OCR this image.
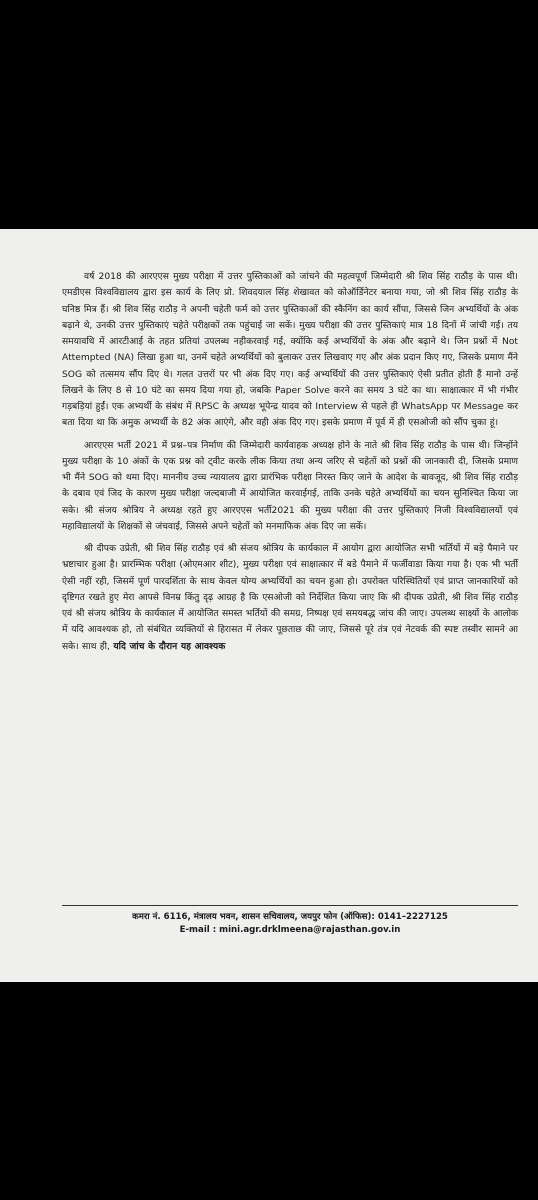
वर्ष 2018 की आरएएस मुख्य परीक्षा में उत्तर पुस्तिकाओं को जांचने की महत्वपूर्ण जिम्मेदारी श्री शिव सिंह राठौड़ के पास थी। एमडीएस विश्वविद्यालय द्वारा इस कार्य के लिए प्रो. शिवदयाल सिंह शेखावत को कोऑर्डिनेटर बनाया गया, जो श्री शिव सिंह राठौड़ के घनिष्ठ मित्र हैं। श्री शिव सिंह राठौड़ ने अपनी चहेती फर्म को उत्तर पुस्तिकाओं की स्कैनिंग का कार्य सौंपा, जिससे जिन अभ्यर्थियों के अंक बढ़ाने थे, उनकी उत्तर पुस्तिकाएं चहेते परीक्षकों तक पहुंचाई जा सकें। मुख्य परीक्षा की उत्तर पुस्तिकाएं मात्र 18 दिनों में जांची गई। तय समयावधि में आरटीआई के तहत प्रतियां उपलब्ध नहीकरवाई गई, क्योंकि कई अभ्यर्थियों के अंक और बढ़ाने थे। जिन प्रश्नों में Not Attempted (NA) लिखा हुआ था, उनमें चहेते अभ्यर्थियों को बुलाकर उत्तर लिखवाए गए और अंक प्रदान किए गए, जिसके प्रमाण मैंने SOG को तत्समय सौंप दिए थे। गलत उत्तरों पर भी अंक दिए गए। कई अभ्यर्थियों की उत्तर पुस्तिकाएं ऐसी प्रतीत होती हैं मानो उन्हें लिखने के लिए 8 से 10 घंटे का समय दिया गया हो, जबकि Paper Solve करने का समय 3 घंटे का था। साक्षात्कार में भी गंभीर गड़बड़ियां हुईं। एक अभ्यर्थी के संबंध में RPSC के अध्यक्ष भूपेन्द्र यादव को Interview से पहले ही WhatsApp पर Message कर बता दिया था कि अमुक अभ्यर्थी के 82 अंक आएंगे, और वही अंक दिए गए। इसके प्रमाण में पूर्व में ही एसओजी को सौंप चुका हूं।

आरएएस भर्ती 2021 में प्रश्न–पत्र निर्माण की जिम्मेदारी कार्यवाहक अध्यक्ष होने के नाते श्री शिव सिंह राठौड़ के पास थी। जिन्होंने मुख्य परीक्षा के 10 अंकों के एक प्रश्न को ट्वीट करके लीक किया तथा अन्य जरिए से चहेतों को प्रश्नों की जानकारी दी, जिसके प्रमाण भी मैंने SOG को थमा दिए। माननीय उच्च न्यायालय द्वारा प्रारंभिक परीक्षा निरस्त किए जाने के आदेश के बावजूद, श्री शिव सिंह राठौड़ के दबाव एवं जिद के कारण मुख्य परीक्षा जल्दबाजी में आयोजित करवाईगई, ताकि उनके चहेते अभ्यर्थियों का चयन सुनिश्चित किया जा सके। श्री संजय श्रोत्रिय ने अध्यक्ष रहते हुए आरएएस भर्ती2021 की मुख्य परीक्षा की उत्तर पुस्तिकाएं निजी विश्वविद्यालयों एवं महाविद्यालयों के शिक्षकों से जंचवाई, जिससे अपने चहेतों को मनमाफिक अंक दिए जा सकें।

श्री दीपक उप्रेती, श्री शिव सिंह राठौड़ एवं श्री संजय श्रोत्रिय के कार्यकाल में आयोग द्वारा आयोजित सभी भर्तियों में बड़े पैमाने पर भ्रष्टाचार हुआ है। प्रारम्भिक परीक्षा (ओएमआर शीट), मुख्य परीक्षा एवं साक्षात्कार में बडे पैमाने में फर्जीवाडा किया गया है। एक भी भर्ती ऐसी नहीं रही, जिसमें पूर्ण पारदर्शिता के साथ केवल योग्य अभ्यर्थियों का चयन हुआ हो। उपरोक्त परिस्थितियों एवं प्राप्त जानकारियों को दृष्टिगत रखते हुए मेरा आपसे विनम्र किंतु दृढ़ आग्रह है कि एसओजी को निर्देशित किया जाए कि श्री दीपक उप्रेती, श्री शिव सिंह राठौड़ एवं श्री संजय श्रोत्रिय के कार्यकाल में आयोजित समस्त भर्तियों की समग्र, निष्पक्ष एवं समयबद्ध जांच की जाए। उपलब्ध साक्ष्यों के आलोक में यदि आवश्यक हो, तो संबंधित व्यक्तियों से हिरासत में लेकर पूछताछ की जाए, जिससे पूरे तंत्र एवं नेटवर्क की स्पष्ट तस्वीर सामने आ सके। साथ ही, यदि जांच के दौरान यह आवश्यक

कमरा नं. 6116, मंत्रालय भवन, शासन सचिवालय, जयपुर फोन (ऑफिस): 0141–2227125
E-mail : mini.agr.drklmeena@rajasthan.gov.in
